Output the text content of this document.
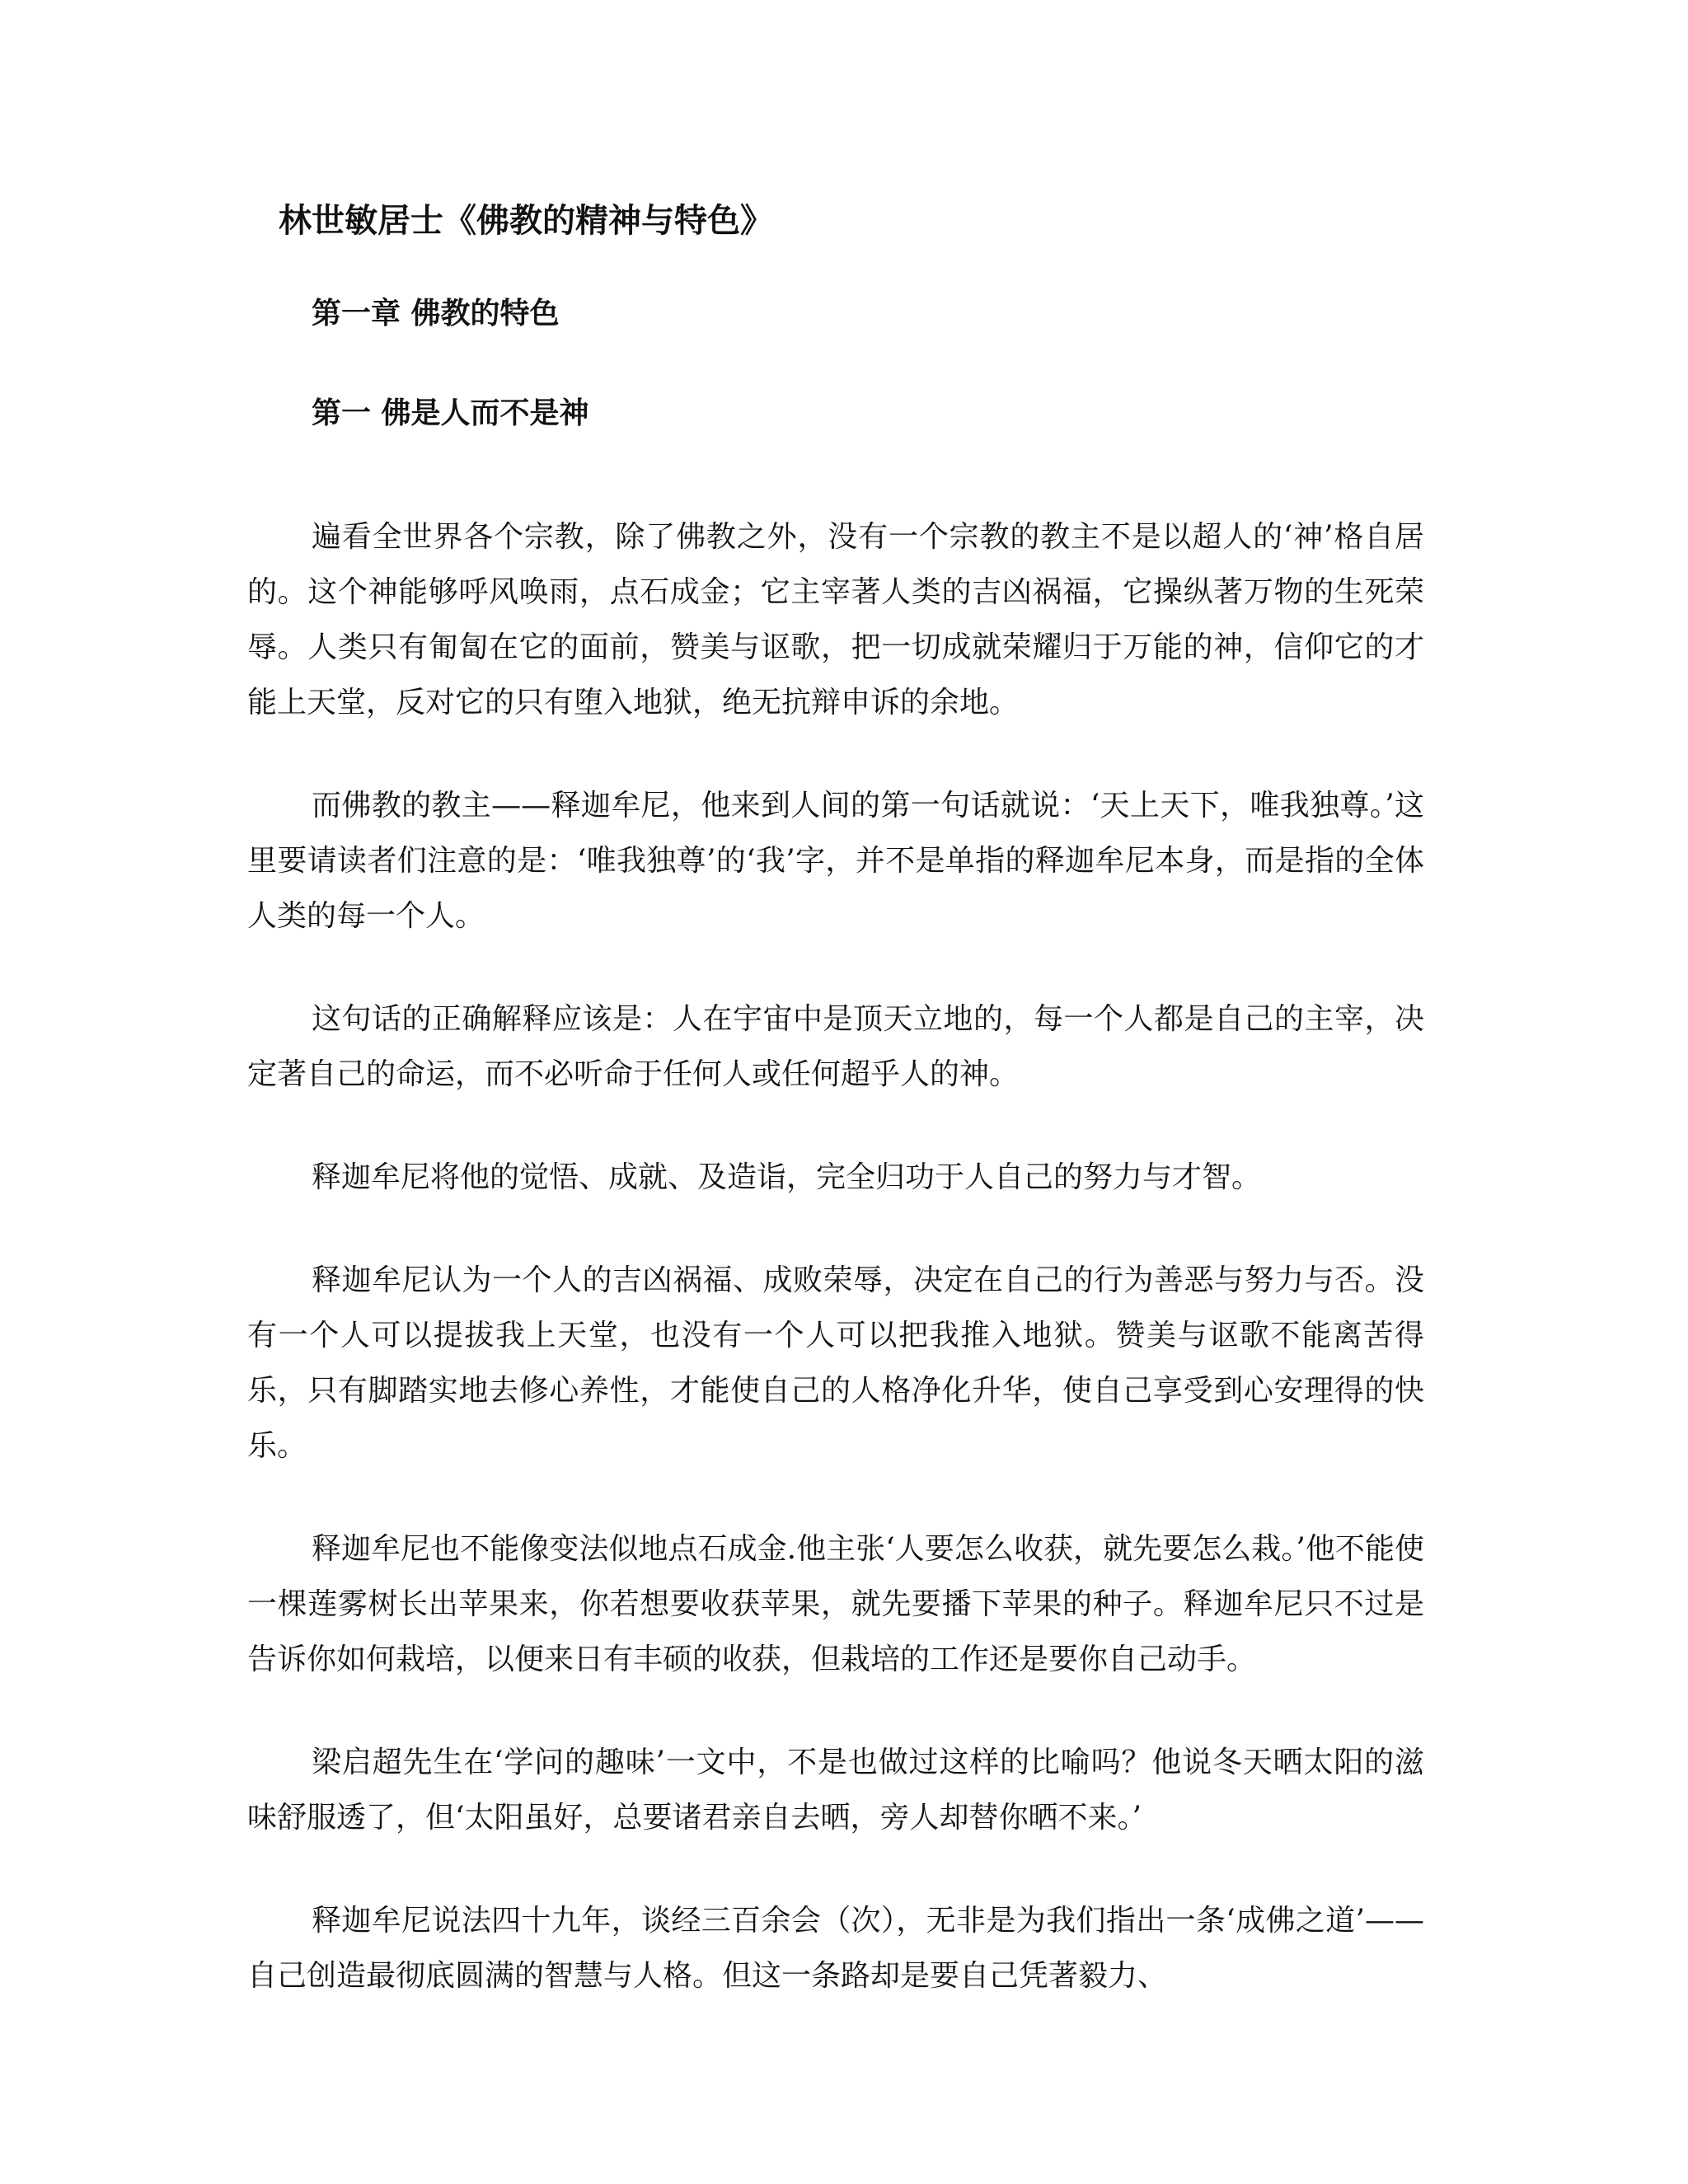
林世敏居士《佛教的精神与特色》
第一章 佛教的特色
第一 佛是人而不是神

遍看全世界各个宗教，除了佛教之外，没有一个宗教的教主不是以超人的‘神’格自居的。这个神能够呼风唤雨，点石成金；它主宰著人类的吉凶祸福，它操纵著万物的生死荣辱。人类只有匍匐在它的面前，赞美与讴歌，把一切成就荣耀归于万能的神，信仰它的才能上天堂，反对它的只有堕入地狱，绝无抗辩申诉的余地。

而佛教的教主——释迦牟尼，他来到人间的第一句话就说：‘天上天下，唯我独尊。’这里要请读者们注意的是：‘唯我独尊’的‘我’字，并不是单指的释迦牟尼本身，而是指的全体人类的每一个人。

这句话的正确解释应该是：人在宇宙中是顶天立地的，每一个人都是自己的主宰，决定著自己的命运，而不必听命于任何人或任何超乎人的神。

释迦牟尼将他的觉悟、成就、及造诣，完全归功于人自己的努力与才智。

释迦牟尼认为一个人的吉凶祸福、成败荣辱，决定在自己的行为善恶与努力与否。没有一个人可以提拔我上天堂，也没有一个人可以把我推入地狱。赞美与讴歌不能离苦得乐，只有脚踏实地去修心养性，才能使自己的人格净化升华，使自己享受到心安理得的快乐。

释迦牟尼也不能像变法似地点石成金.他主张‘人要怎么收获，就先要怎么栽。’他不能使一棵莲雾树长出苹果来，你若想要收获苹果，就先要播下苹果的种子。释迦牟尼只不过是告诉你如何栽培，以便来日有丰硕的收获，但栽培的工作还是要你自己动手。

梁启超先生在‘学问的趣味’一文中，不是也做过这样的比喻吗？他说冬天晒太阳的滋味舒服透了，但‘太阳虽好，总要诸君亲自去晒，旁人却替你晒不来。’

释迦牟尼说法四十九年，谈经三百余会（次），无非是为我们指出一条‘成佛之道’——自己创造最彻底圆满的智慧与人格。但这一条路却是要自己凭著毅力、
